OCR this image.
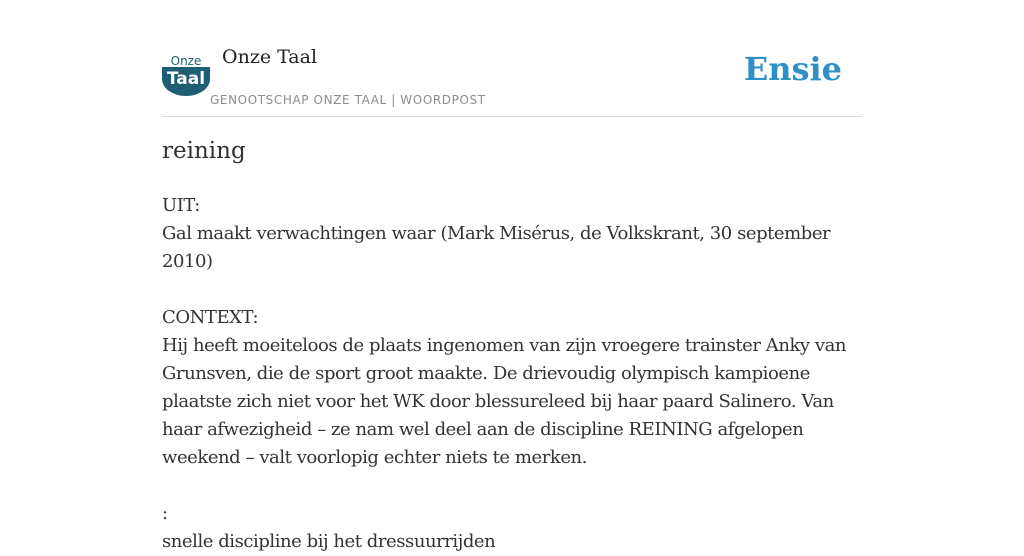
Onze
Taal
Onze Taal
GENOOTSCHAP ONZE TAAL | WOORDPOST
Ensie
reining

UIT:

Gal maakt verwachtingen waar (Mark Misérus, de Volkskrant, 30 september 2010)

CONTEXT:

Hij heeft moeiteloos de plaats ingenomen van zijn vroegere trainster Anky van

Grunsven, die de sport groot maakte. De drievoudig olympisch kampioene

plaatste zich niet voor het WK door blessureleed bij haar paard Salinero. Van

haar afwezigheid – ze nam wel deel aan de discipline REINING afgelopen

weekend – valt voorlopig echter niets te merken.

:

snelle discipline bij het dressuurrijden
